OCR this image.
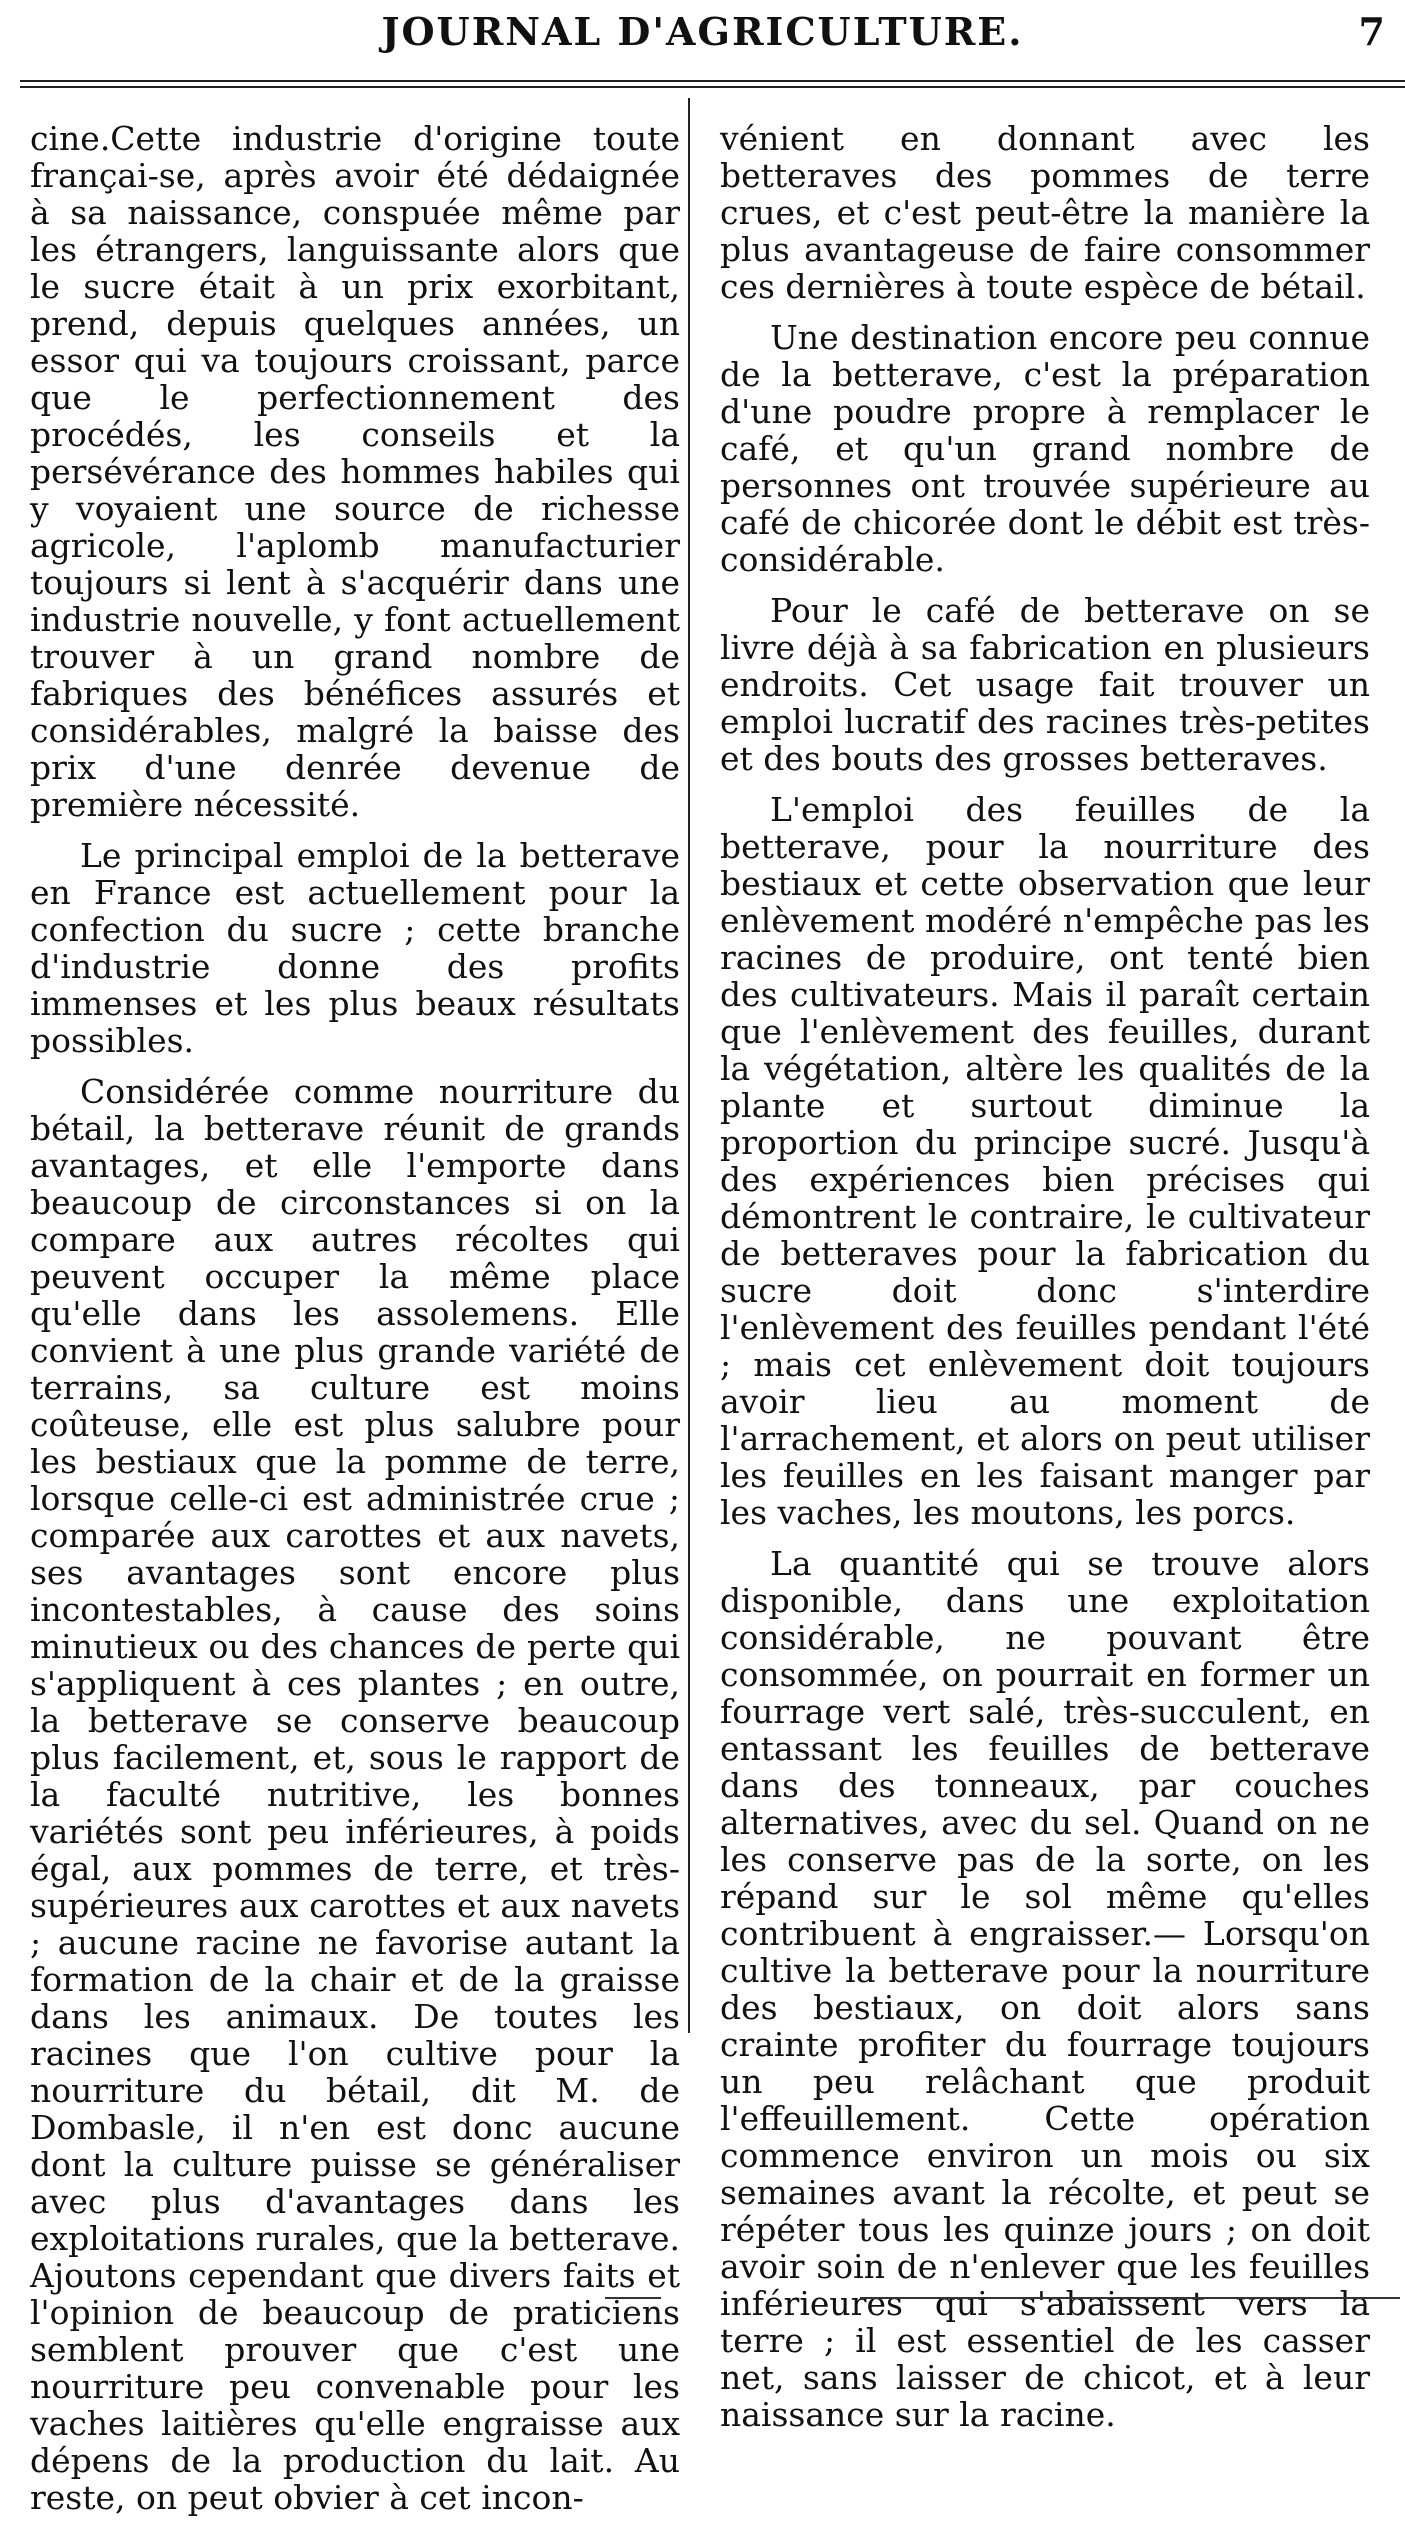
JOURNAL D'AGRICULTURE.	7

cine.Cette industrie d'origine toute françai-se, après avoir été dédaignée à sa naissance, conspuée même par les étrangers, languissante alors que le sucre était à un prix exorbitant, prend, depuis quelques années, un essor qui va toujours croissant, parce que le perfectionnement des procédés, les conseils et la persévérance des hommes habiles qui y voyaient une source de richesse agricole, l'aplomb manufacturier toujours si lent à s'acquérir dans une industrie nouvelle, y font actuellement trouver à un grand nombre de fabriques des bénéfices assurés et considérables, malgré la baisse des prix d'une denrée devenue de première nécessité.

Le principal emploi de la betterave en France est actuellement pour la confection du sucre ; cette branche d'industrie donne des profits immenses et les plus beaux résultats possibles.

Considérée comme nourriture du bétail, la betterave réunit de grands avantages, et elle l'emporte dans beaucoup de circonstances si on la compare aux autres récoltes qui peuvent occuper la même place qu'elle dans les assolemens. Elle convient à une plus grande variété de terrains, sa culture est moins coûteuse, elle est plus salubre pour les bestiaux que la pomme de terre, lorsque celle-ci est administrée crue ; comparée aux carottes et aux navets, ses avantages sont encore plus incontestables, à cause des soins minutieux ou des chances de perte qui s'appliquent à ces plantes ; en outre, la betterave se conserve beaucoup plus facilement, et, sous le rapport de la faculté nutritive, les bonnes variétés sont peu inférieures, à poids égal, aux pommes de terre, et très-supérieures aux carottes et aux navets ; aucune racine ne favorise autant la formation de la chair et de la graisse dans les animaux. De toutes les racines que l'on cultive pour la nourriture du bétail, dit M. de Dombasle, il n'en est donc aucune dont la culture puisse se généraliser avec plus d'avantages dans les exploitations rurales, que la betterave. Ajoutons cependant que divers faits et l'opinion de beaucoup de praticiens semblent prouver que c'est une nourriture peu convenable pour les vaches laitières qu'elle engraisse aux dépens de la production du lait. Au reste, on peut obvier à cet incon-

vénient en donnant avec les betteraves des pommes de terre crues, et c'est peut-être la manière la plus avantageuse de faire consommer ces dernières à toute espèce de bétail.

Une destination encore peu connue de la betterave, c'est la préparation d'une poudre propre à remplacer le café, et qu'un grand nombre de personnes ont trouvée supérieure au café de chicorée dont le débit est très-considérable.

Pour le café de betterave on se livre déjà à sa fabrication en plusieurs endroits. Cet usage fait trouver un emploi lucratif des racines très-petites et des bouts des grosses betteraves.

L'emploi des feuilles de la betterave, pour la nourriture des bestiaux et cette observation que leur enlèvement modéré n'empêche pas les racines de produire, ont tenté bien des cultivateurs. Mais il paraît certain que l'enlèvement des feuilles, durant la végétation, altère les qualités de la plante et surtout diminue la proportion du principe sucré. Jusqu'à des expériences bien précises qui démontrent le contraire, le cultivateur de betteraves pour la fabrication du sucre doit donc s'interdire l'enlèvement des feuilles pendant l'été ; mais cet enlèvement doit toujours avoir lieu au moment de l'arrachement, et alors on peut utiliser les feuilles en les faisant manger par les vaches, les moutons, les porcs.

La quantité qui se trouve alors disponible, dans une exploitation considérable, ne pouvant être consommée, on pourrait en former un fourrage vert salé, très-succulent, en entassant les feuilles de betterave dans des tonneaux, par couches alternatives, avec du sel. Quand on ne les conserve pas de la sorte, on les répand sur le sol même qu'elles contribuent à engraisser.— Lorsqu'on cultive la betterave pour la nourriture des bestiaux, on doit alors sans crainte profiter du fourrage toujours un peu relâchant que produit l'effeuillement. Cette opération commence environ un mois ou six semaines avant la récolte, et peut se répéter tous les quinze jours ; on doit avoir soin de n'enlever que les feuilles inférieures qui s'abaissent vers la terre ; il est essentiel de les casser net, sans laisser de chicot, et à leur naissance sur la racine.
